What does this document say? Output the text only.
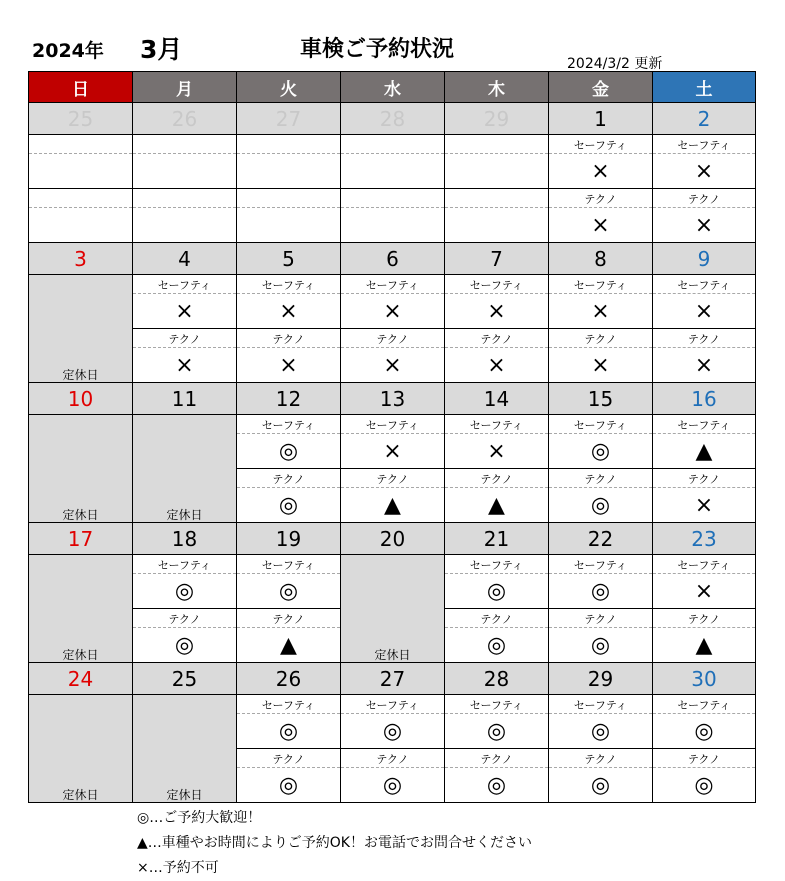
2024年 3月	車検ご予約状況
2024/3/2 更新
日	月	火	水	木	金	土
25	26	27	28	29	1	2
					セーフティ	セーフティ
					×	×
					テクノ	テクノ
					×	×
3	4	5	6	7	8	9
定休日	セーフティ	セーフティ	セーフティ	セーフティ	セーフティ	セーフティ
	×	×	×	×	×	×
	テクノ	テクノ	テクノ	テクノ	テクノ	テクノ
	×	×	×	×	×	×
10	11	12	13	14	15	16
定休日	定休日	セーフティ	セーフティ	セーフティ	セーフティ	セーフティ
		◎	×	×	◎	▲
		テクノ	テクノ	テクノ	テクノ	テクノ
		◎	▲	▲	◎	×
17	18	19	20	21	22	23
定休日	セーフティ	セーフティ	定休日	セーフティ	セーフティ	セーフティ
	◎	◎		◎	◎	×
	テクノ	テクノ		テクノ	テクノ	テクノ
	◎	▲		◎	◎	▲
24	25	26	27	28	29	30
定休日	定休日	セーフティ	セーフティ	セーフティ	セーフティ	セーフティ
		◎	◎	◎	◎	◎
		テクノ	テクノ	テクノ	テクノ	テクノ
		◎	◎	◎	◎	◎
◎…ご予約大歓迎！
▲…車種やお時間によりご予約OK！お電話でお問合せください
×…予約不可
